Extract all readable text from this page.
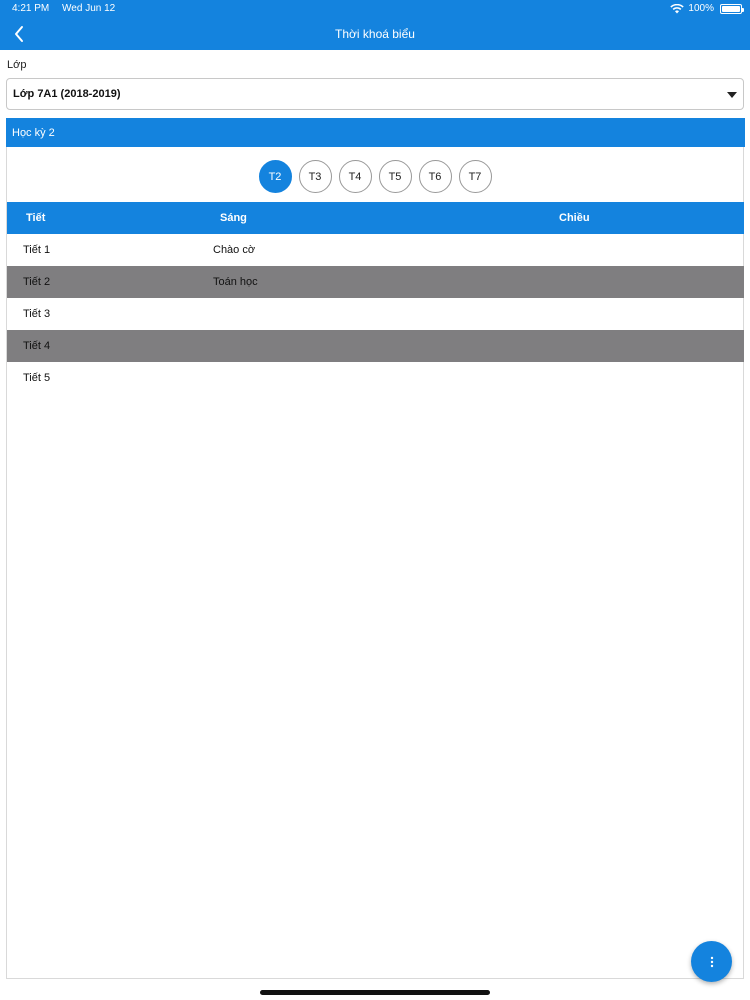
4:21 PM Wed Jun 12	100%
Thời khoá biểu
Lớp
Lớp 7A1 (2018-2019)
Học kỳ 2
T2	T3	T4	T5	T6	T7
Tiết	Sáng	Chiều
Tiết 1	Chào cờ
Tiết 2	Toán học
Tiết 3
Tiết 4
Tiết 5
